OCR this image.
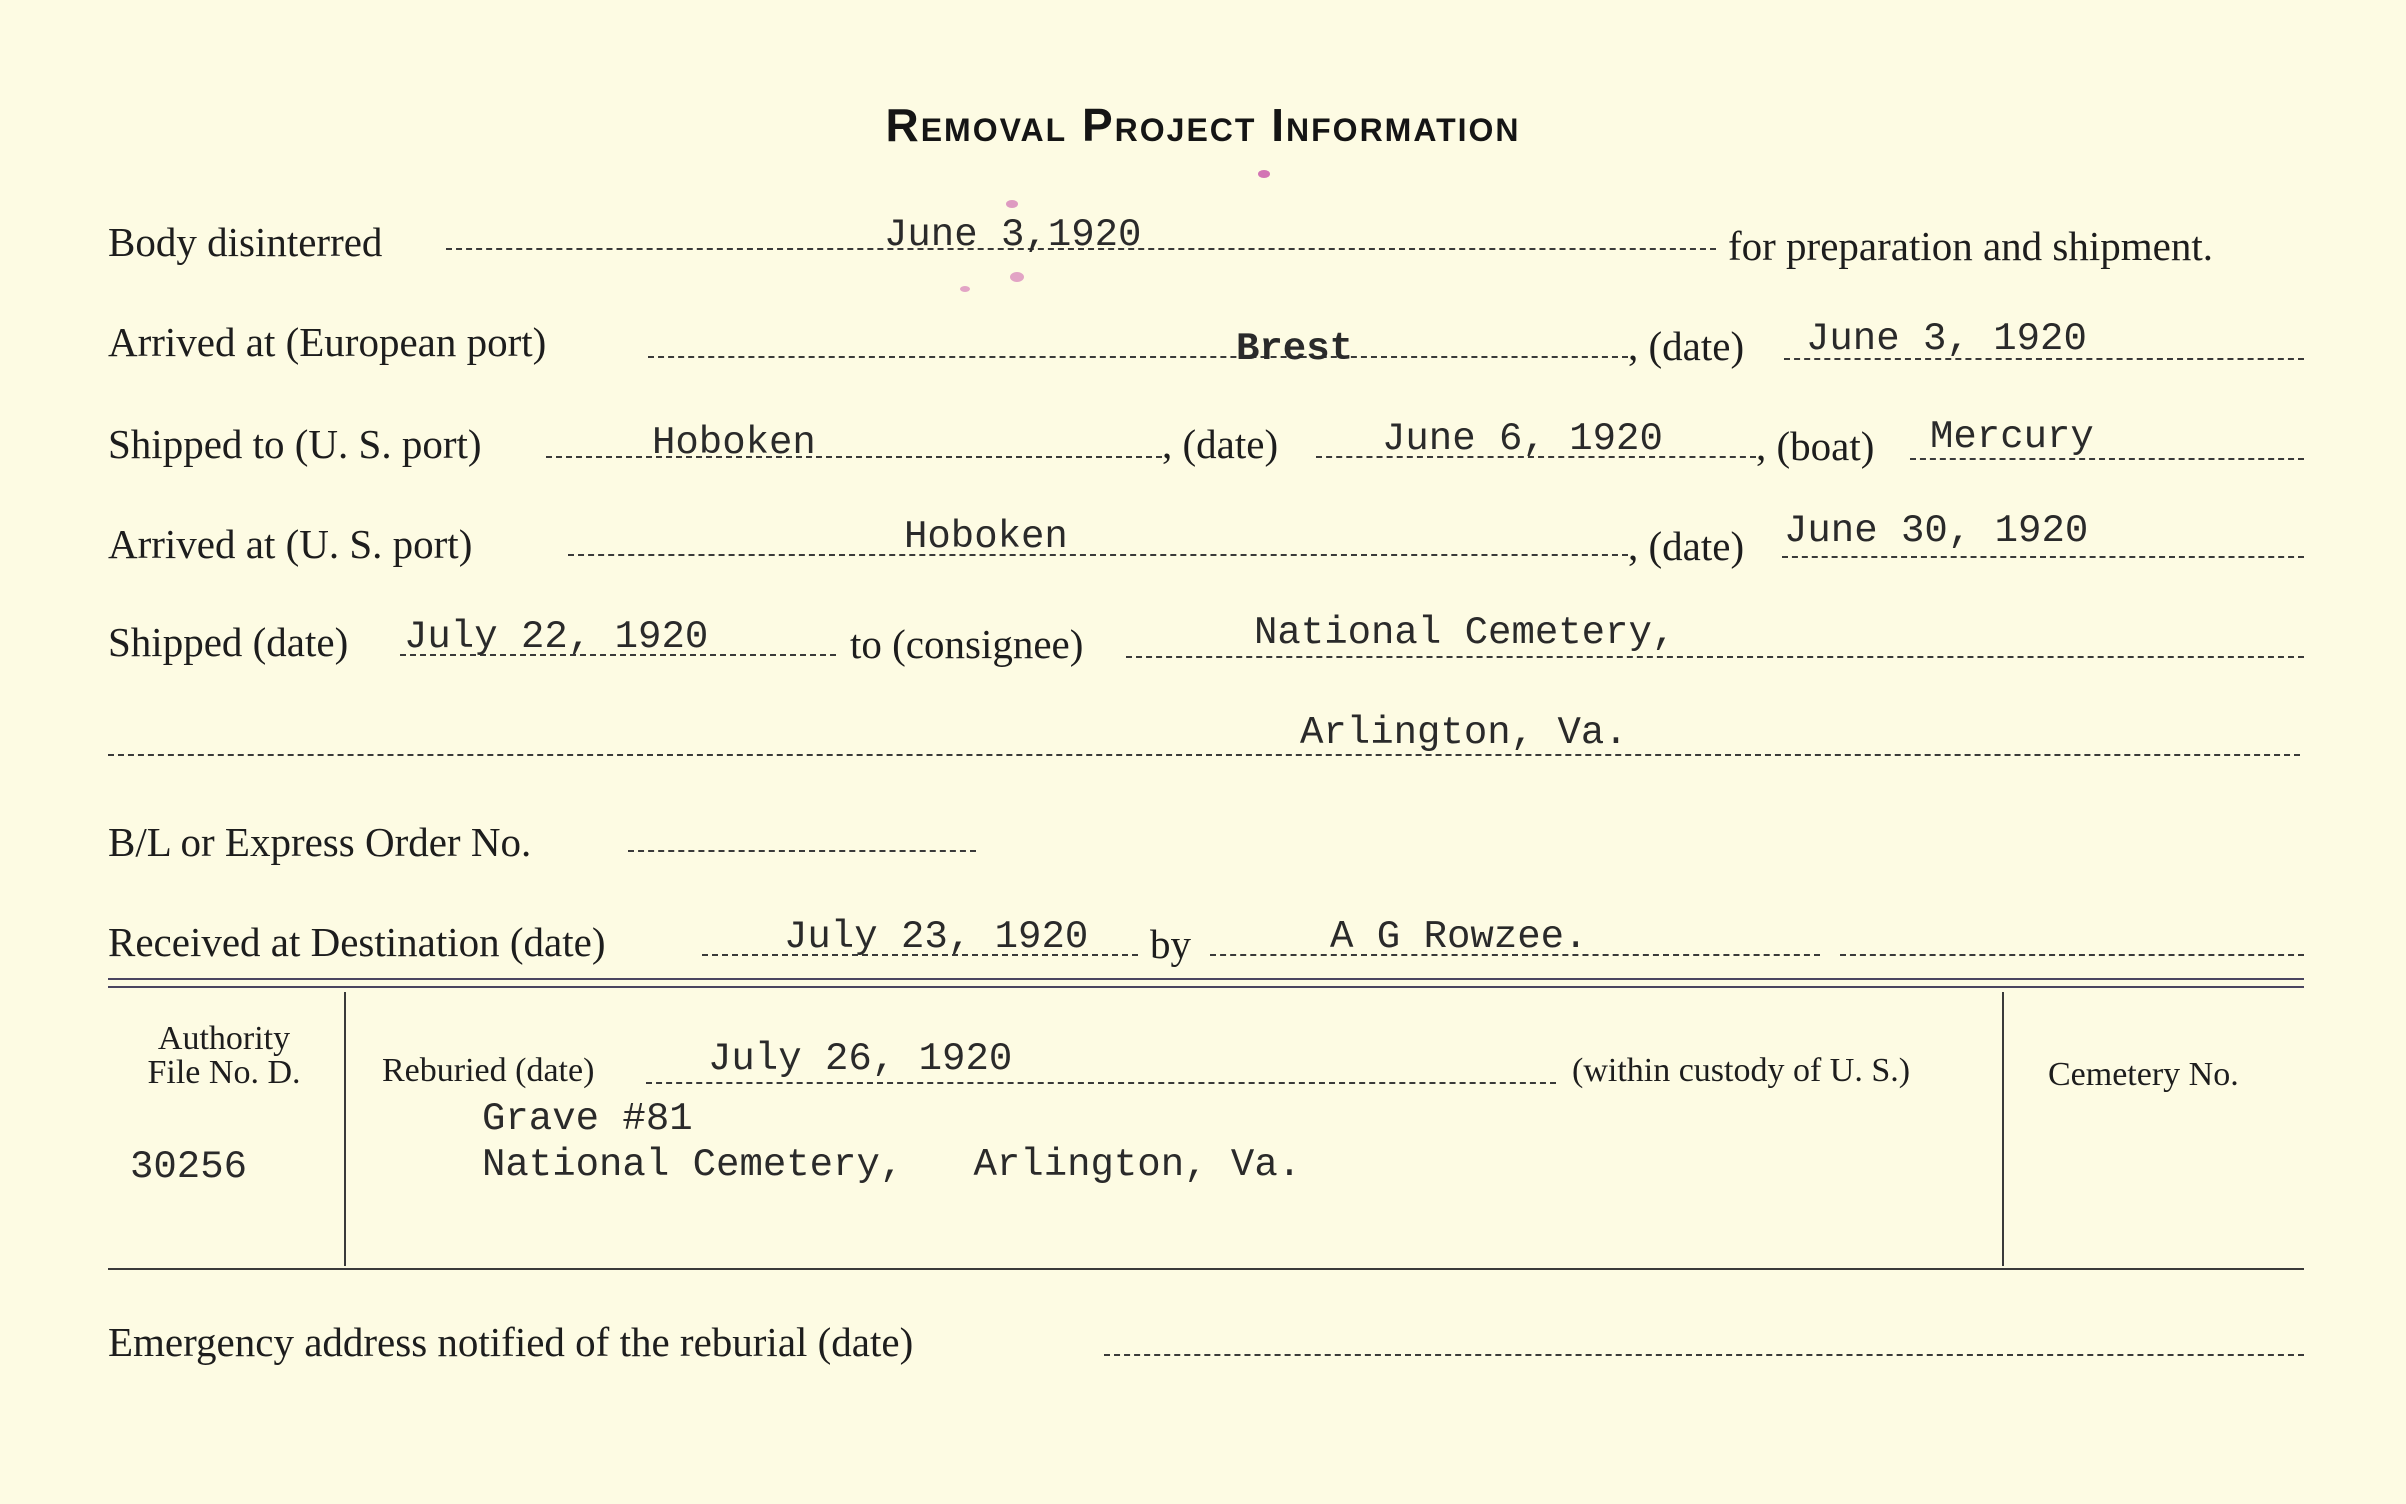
Removal Project Information
Body disinterred	June 3,1920	for preparation and shipment.
Arrived at (European port)	Brest	, (date) June 3, 1920
Shipped to (U. S. port)	Hoboken	, (date)	June 6, 1920 , (boat) Mercury
Arrived at (U. S. port)	Hoboken	, (date) June 30, 1920
Shipped (date) July 22, 1920	to (consignee)	National Cemetery,
Arlington, Va.
B/L or Express Order No.
Received at Destination (date)	July 23, 1920 by	A G Rowzee.
Authority
File No. D.
30256
Reburied (date)	July 26, 1920	(within custody of U. S.)
Grave #81
National Cemetery,   Arlington, Va.
Cemetery No.
Emergency address notified of the reburial (date)
